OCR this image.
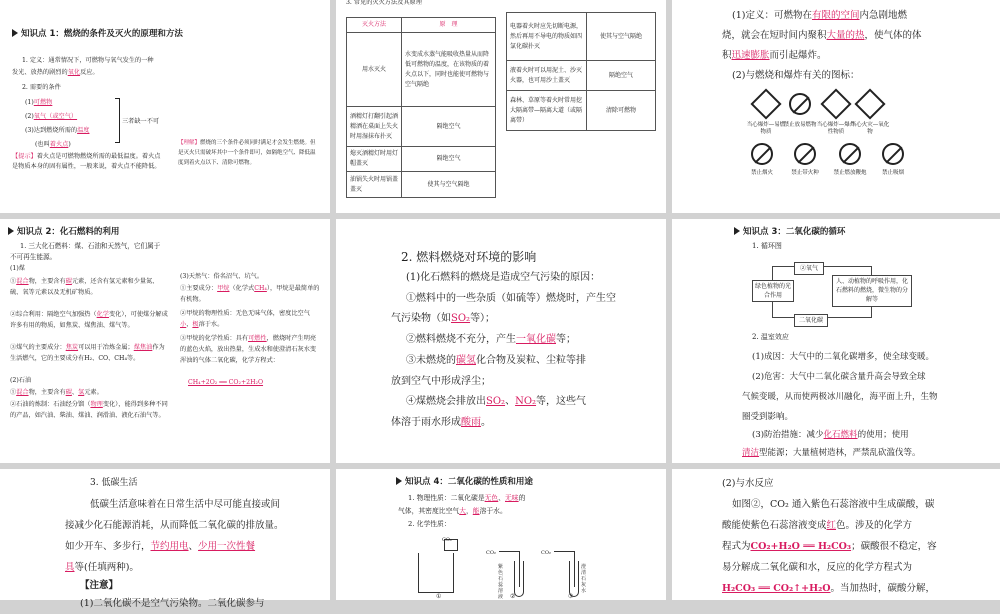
知识点 1：燃烧的条件及灭火的原理和方法
1. 定义：通常情况下，可燃物与氧气发生的一种
发光、放热的剧烈的氧化反应。
2. 需要的条件
(1)可燃物
(2)氧气（或空气）
(3)达到燃烧所需的温度
(也叫着火点)
三者缺一不可
【提示】着火点是可燃物燃烧所需的最低温度。着火点是物质本身的固有属性，一般来说，着火点不能降低。
【理解】燃烧的三个条件必须同时满足才会发生燃烧。但是灭火只需破坏其中一个条件即可，如隔绝空气、降低温度到着火点以下、清除可燃物。
3. 常见的灭火方法及其原理
灭火方法	原　理
用水灭火	水变成水蒸气能吸收热量从而降低可燃物的温度，在该物质的着火点以下，同时也能使可燃物与空气隔绝
酒精灯打翻引起酒精洒在桌面上失火时用湿抹布扑灭	隔绝空气
熄灭酒精灯时用灯帽盖灭	隔绝空气
油锅失火时用锅盖盖灭	使其与空气隔绝
电器着火时应先切断电源，然后再用不导电的物质如四氯化碳扑灭	使其与空气隔绝
液着火时可以用泥土、沙灭火器，也可用沙土盖灭	隔绝空气
森林、草原等着火时常用挖大隔离带—隔离大道（或隔离带）	清除可燃物
(1)定义：可燃物在有限的空间内急剧地燃
烧，就会在短时间内聚积大量的热，使气体的体
积迅速膨胀而引起爆炸。
(2)与燃烧和爆炸有关的图标：
当心爆炸—易燃物质
禁止放易燃物 当心爆炸—爆炸性物质
当心火灾—氧化物
禁止烟火	禁止带火种	禁止燃放鞭炮	禁止吸烟
知识点 2：化石燃料的利用
1. 三大化石燃料：煤、石油和天然气，它们属于
不可再生能源。
(1)煤
①混合物，主要含有碳元素，还含有氢元素和少量氮、硫、氧等元素以及无机矿物质。
②综合利用：隔绝空气加强热（化学变化），可使煤分解成许多有用的物质，如焦炭、煤焦油、煤气等。
③煤气的主要成分：焦炭可以用于冶炼金属；煤焦油作为生活燃气，它的主要成分有H₂、CO、CH₄等。
(2)石油
①混合物，主要含有碳、氢元素。
②石油的炼制：石油经分馏（物理变化），能得到多种不同的产品，如汽油、柴油、煤油、润滑油、液化石油气等。
(3)天然气：俗名沼气、坑气。
①主要成分：甲烷（化学式CH₄），甲烷是最简单的有机物。
②甲烷的物理性质：无色无味气体，密度比空气小，极溶于水。
③甲烷的化学性质：具有可燃性，燃烧时产生明亮的蓝色火焰，放出热量，生成水和使澄清石灰水变浑浊的气体二氧化碳，化学方程式：
CH₄+2O₂ ══ CO₂+2H₂O
2. 燃料燃烧对环境的影响
(1)化石燃料的燃烧是造成空气污染的原因：
①燃料中的一些杂质（如硫等）燃烧时，产生空
气污染物（如SO₂等）；
②燃料燃烧不充分，产生一氧化碳等；
③未燃烧的碳氢化合物及炭粒、尘粒等排
放到空气中形成浮尘；
④煤燃烧会排放出SO₂、NO₂等，这些气
体溶于雨水形成酸雨。
知识点 3：二氧化碳的循环
1. 循环图
②氧气
绿色植物的光合作用
人、动植物的呼吸作用，化石燃料的燃烧，微生物的分解等
二氧化碳
2. 温室效应
(1)成因：大气中的二氧化碳增多，使全球变暖。
(2)危害：大气中二氧化碳含量升高会导致全球
气候变暖，从而使两极冰川融化，海平面上升，生物
圈受到影响。
(3)防治措施：减少化石燃料的使用；使用
清洁型能源；大量植树造林，严禁乱砍滥伐等。
3. 低碳生活
低碳生活意味着在日常生活中尽可能直接或间
接减少化石能源消耗，从而降低二氧化碳的排放量。
如少开车、多步行，节约用电、少用一次性餐
具等(任填两种)。
【注意】
(1)二氧化碳不是空气污染物。二氧化碳参与
知识点 4：二氧化碳的性质和用途
1. 物理性质：二氧化碳是无色、无味的
气体，其密度比空气大，能溶于水。
2. 化学性质：
CO₂
CO₂
紫色石蕊溶液
CO₂
澄清石灰水
①	②	③
(2)与水反应
如图②，CO₂ 通入紫色石蕊溶液中生成碳酸，碳
酸能使紫色石蕊溶液变成红色。涉及的化学方
程式为CO₂+H₂O ══ H₂CO₃；碳酸很不稳定，容
易分解成二氧化碳和水，反应的化学方程式为
H₂CO₃ ══ CO₂↑+H₂O。当加热时，碳酸分解，
